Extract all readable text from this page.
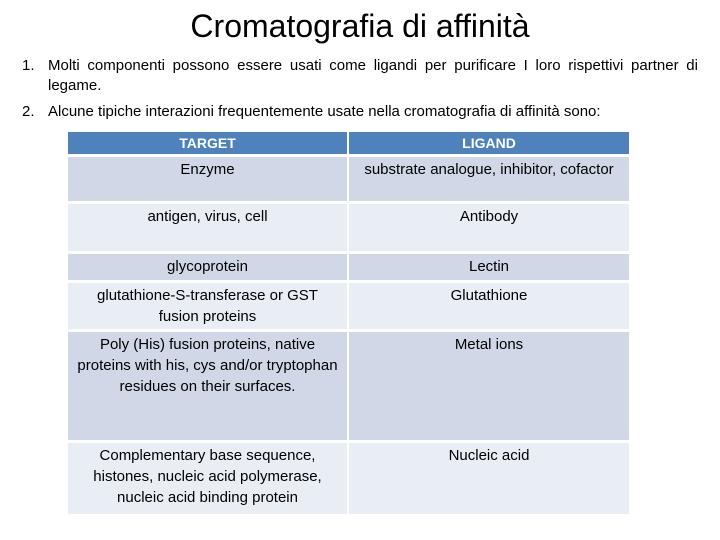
Cromatografia di affinità
1. Molti componenti possono essere usati come ligandi per purificare I loro rispettivi partner di legame.
2. Alcune tipiche interazioni frequentemente usate nella cromatografia di affinità sono:
TARGET	LIGAND
Enzyme	substrate analogue, inhibitor, cofactor
antigen, virus, cell	Antibody
glycoprotein	Lectin
glutathione-S-transferase or GST fusion proteins	Glutathione
Poly (His) fusion proteins, native proteins with his, cys and/or tryptophan residues on their surfaces.	Metal ions
Complementary base sequence, histones, nucleic acid polymerase, nucleic acid binding protein	Nucleic acid
